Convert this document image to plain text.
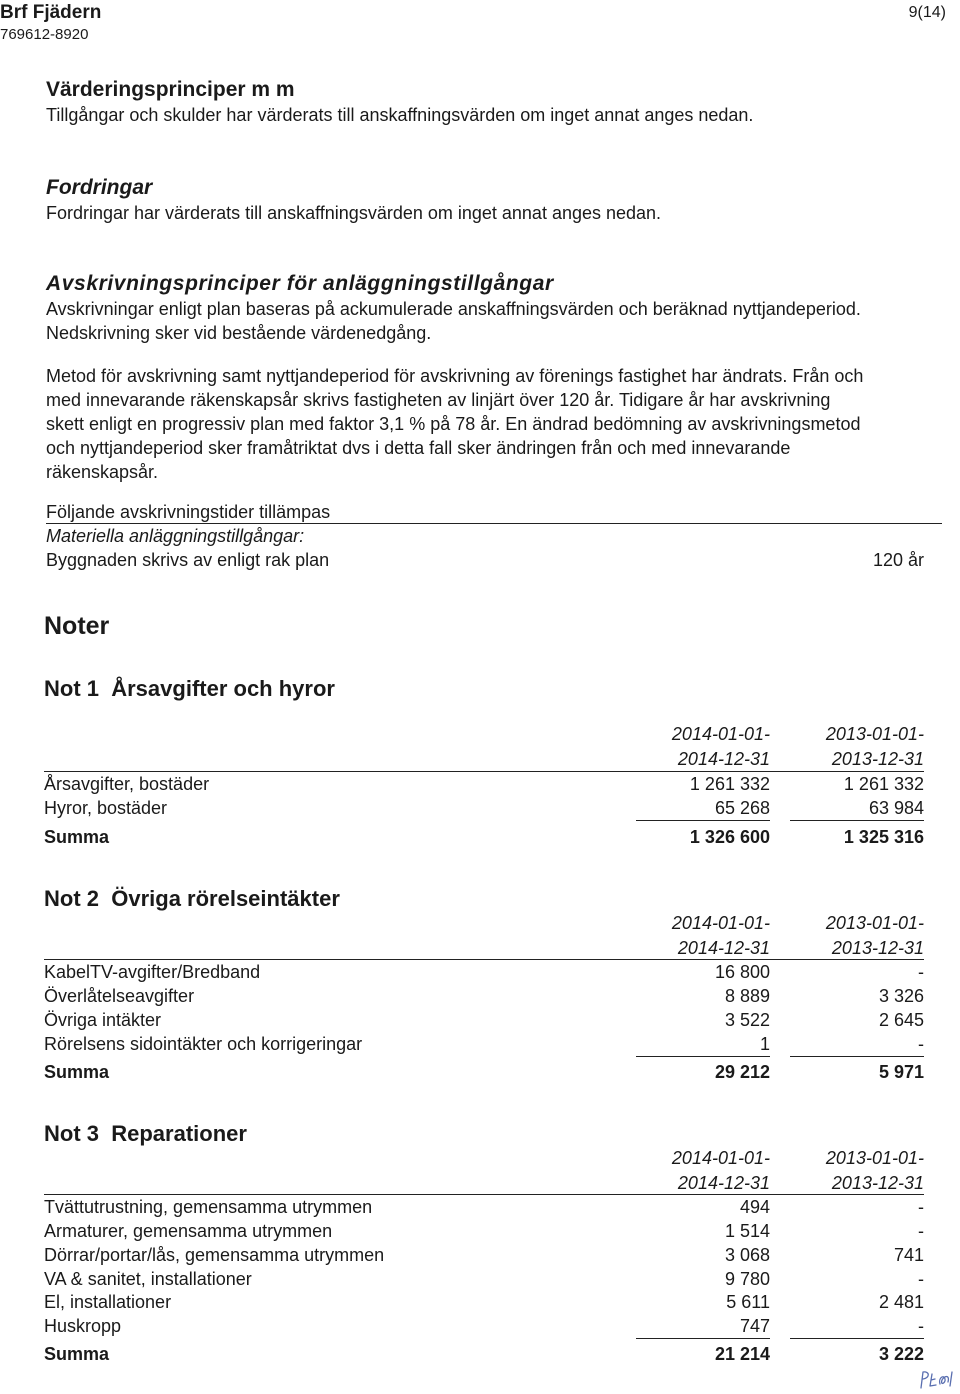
Brf Fjädern
769612-8920
9(14)
Värderingsprinciper m m
Tillgångar och skulder har värderats till anskaffningsvärden om inget annat anges nedan.
Fordringar
Fordringar har värderats till anskaffningsvärden om inget annat anges nedan.
Avskrivningsprinciper för anläggningstillgångar
Avskrivningar enligt plan baseras på ackumulerade anskaffningsvärden och beräknad nyttjandeperiod.
Nedskrivning sker vid bestående värdenedgång.
Metod för avskrivning samt nyttjandeperiod för avskrivning av förenings fastighet har ändrats. Från och
med innevarande räkenskapsår skrivs fastigheten av linjärt över 120 år. Tidigare år har avskrivning
skett enligt en progressiv plan med faktor 3,1 % på 78 år. En ändrad bedömning av avskrivningsmetod
och nyttjandeperiod sker framåtriktat dvs i detta fall sker ändringen från och med innevarande
räkenskapsår.
Följande avskrivningstider tillämpas
Materiella anläggningstillgångar:
Byggnaden skrivs av enligt rak plan	120 år
Noter
Not 1 Årsavgifter och hyror
2014-01-01-	2013-01-01-
2014-12-31	2013-12-31
Årsavgifter, bostäder	1 261 332	1 261 332
Hyror, bostäder	65 268	63 984
Summa	1 326 600	1 325 316
Not 2 Övriga rörelseintäkter
2014-01-01-	2013-01-01-
2014-12-31	2013-12-31
KabelTV-avgifter/Bredband	16 800	-
Överlåtelseavgifter	8 889	3 326
Övriga intäkter	3 522	2 645
Rörelsens sidointäkter och korrigeringar	1	-
Summa	29 212	5 971
Not 3 Reparationer
2014-01-01-	2013-01-01-
2014-12-31	2013-12-31
Tvättutrustning, gemensamma utrymmen	494	-
Armaturer, gemensamma utrymmen	1 514	-
Dörrar/portar/lås, gemensamma utrymmen	3 068	741
VA & sanitet, installationer	9 780	-
El, installationer	5 611	2 481
Huskropp	747	-
Summa	21 214	3 222
